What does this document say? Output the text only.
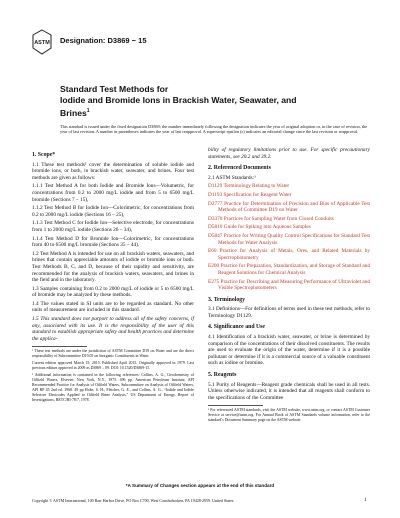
ASTM Designation: D3869 − 15
Standard Test Methods for
Iodide and Bromide Ions in Brackish Water, Seawater, and
Brines$^1$
This standard is issued under the fixed designation D3869; the number immediately following the designation indicates the year of original adoption or, in the case of revision, the year of last revision. A number in parentheses indicates the year of last reapproval. A superscript epsilon (ε) indicates an editorial change since the last revision or reapproval.
1. Scope*

1.1 These test methods² cover the determination of soluble iodide and bromide ions, or both, in brackish water, seawater, and brines. Four test methods are given as follows:

1.1.1 Test Method A for both Iodide and Bromide Ions—Volumetric, for concentrations from 0.2 to 2000 mg/L iodide and from 5 to 6500 mg/L bromide (Sections 7 – 15),

1.1.2 Test Method B for Iodide Ion—Colorimetric, for concentrations from 0.2 to 2000 mg/L iodide (Sections 16 – 25),

1.1.3 Test Method C for Iodide Ion—Selective electrode, for concentrations from 1 to 2000 mg/L iodide (Sections 26 – 34),

1.1.4 Test Method D for Bromide Ion—Colorimetric, for concentrations from 40 to 6500 mg/L bromide (Sections 35 – 44).

1.2 Test Method A is intended for use on all brackish waters, seawaters, and brines that contain appreciable amounts of iodide or bromide ions or both. Test Methods B, C, and D, because of their rapidity and sensitivity, are recommended for the analysis of brackish waters, seawaters, and brines in the field and in the laboratory.

1.3 Samples containing from 0.2 to 2000 mg/L of iodide or 5 to 6500 mg/L of bromide may be analyzed by these methods.

1.4 The values stated in SI units are to be regarded as standard. No other units of measurement are included in this standard.

1.5 This standard does not purport to address all of the safety concerns, if any, associated with its use. It is the responsibility of the user of this standard to establish appropriate safety and health practices and determine the applica-

¹ These test methods are under the jurisdiction of ASTM Committee D19 on Water and are the direct responsibility of Subcommittee D19.05 on Inorganic Constituents in Water.

Current edition approved March 15, 2015. Published April 2015. Originally approved in 1979. Last previous edition approved in 2009 as D3869 – 09. DOI: 10.1520/D3869-15.

² Additional information is contained in the following references: Collins, A. G., Geochemistry of Oilfield Waters, Elsevier, New York, N.Y., 1975. 496 pp. American Petroleum Institute, API Recommended Practice for Analysis of Oilfield Waters, Subcommittee on Analysis of Oilfield Waters, API RP 45 2nd ed. 1968. 49 pp Hoke, S. H., Fletcher, G. E., and Collins, A. G., “Iodide and Iodide Selective Electrodes Applied to Oilfield Brine Analysis,” US Department of Energy, Report of Investigations, BETC/RI-78/7, 1978.

bility of regulatory limitations prior to use. For specific precautionary statements, see 20.2 and 39.2.

2. Referenced Documents

2.1 ASTM Standards:³

D1129 Terminology Relating to Water

D1193 Specification for Reagent Water

D2777 Practice for Determination of Precision and Bias of Applicable Test Methods of Committee D19 on Water

D3370 Practices for Sampling Water from Closed Conduits

D5810 Guide for Spiking into Aqueous Samples

D5847 Practice for Writing Quality Control Specifications for Standard Test Methods for Water Analysis

E60 Practice for Analysis of Metals, Ores, and Related Materials by Spectrophotometry

E200 Practice for Preparation, Standardization, and Storage of Standard and Reagent Solutions for Chemical Analysis

E275 Practice for Describing and Measuring Performance of Ultraviolet and Visible Spectrophotometers

3. Terminology

3.1 Definitions—For definitions of terms used in these test methods, refer to Terminology D1129.

4. Significance and Use

4.1 Identification of a brackish water, seawater, or brine is determined by comparison of the concentrations of their dissolved constituents. The results are used to evaluate the origin of the water, determine if it is a possible pollutant or determine if it is a commercial source of a valuable constituent such as iodine or bromine.

5. Reagents

5.1 Purity of Reagents—Reagent grade chemicals shall be used in all tests. Unless otherwise indicated, it is intended that all reagents shall conform to the specifications of the Committee

³ For referenced ASTM standards, visit the ASTM website, www.astm.org, or contact ASTM Customer Service at service@astm.org. For Annual Book of ASTM Standards volume information, refer to the standard’s Document Summary page on the ASTM website.

*A Summary of Changes section appears at the end of this standard
Copyright © ASTM International, 100 Barr Harbor Drive, PO Box C700, West Conshohocken, PA 19428-2959. United States	1
